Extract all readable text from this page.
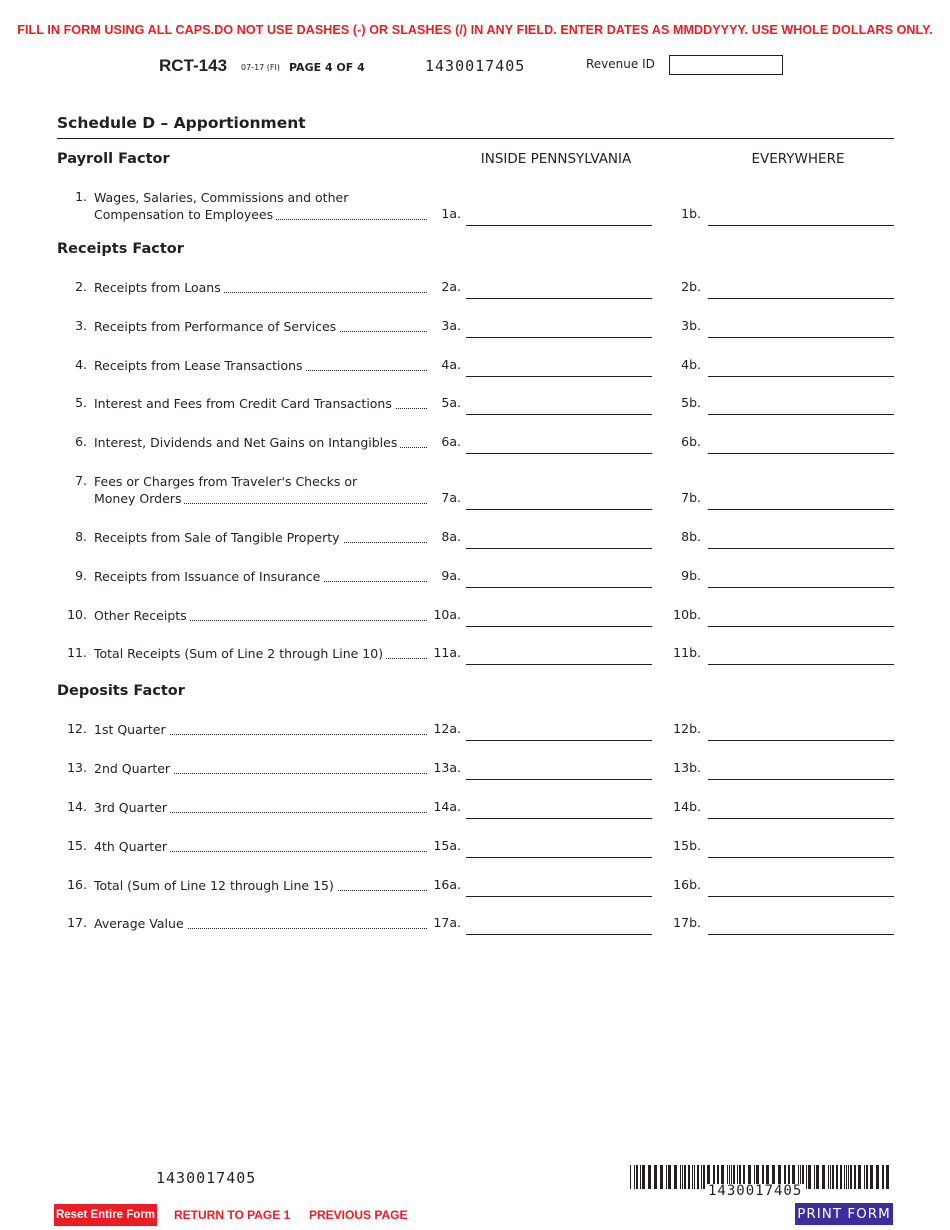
FILL IN FORM USING ALL CAPS.DO NOT USE DASHES (-) OR SLASHES (/) IN ANY FIELD. ENTER DATES AS MMDDYYYY. USE WHOLE DOLLARS ONLY.
RCT-143 07-17 (FI) PAGE 4 OF 4	1430017405	Revenue ID
Schedule D – Apportionment
Payroll Factor	INSIDE PENNSYLVANIA	EVERYWHERE
Receipts Factor
Deposits Factor
1. Wages, Salaries, Commissions and other
Compensation to Employees	1a.	1b.
2. Receipts from Loans	2a.	2b.
3. Receipts from Performance of Services	3a.	3b.
4. Receipts from Lease Transactions	4a.	4b.
5. Interest and Fees from Credit Card Transactions	5a.	5b.
6. Interest, Dividends and Net Gains on Intangibles	6a.	6b.
7. Fees or Charges from Traveler's Checks or
Money Orders	7a.	7b.
8. Receipts from Sale of Tangible Property	8a.	8b.
9. Receipts from Issuance of Insurance	9a.	9b.
10. Other Receipts	10a.	10b.
11. Total Receipts (Sum of Line 2 through Line 10)	11a.	11b.
12. 1st Quarter	12a.	12b.
13. 2nd Quarter	13a.	13b.
14. 3rd Quarter	14a.	14b.
15. 4th Quarter	15a.	15b.
16. Total (Sum of Line 12 through Line 15)	16a.	16b.
17. Average Value	17a.	17b.
1430017405
1430017405
Reset Entire Form RETURN TO PAGE 1 PREVIOUS PAGE	PRINT FORM
